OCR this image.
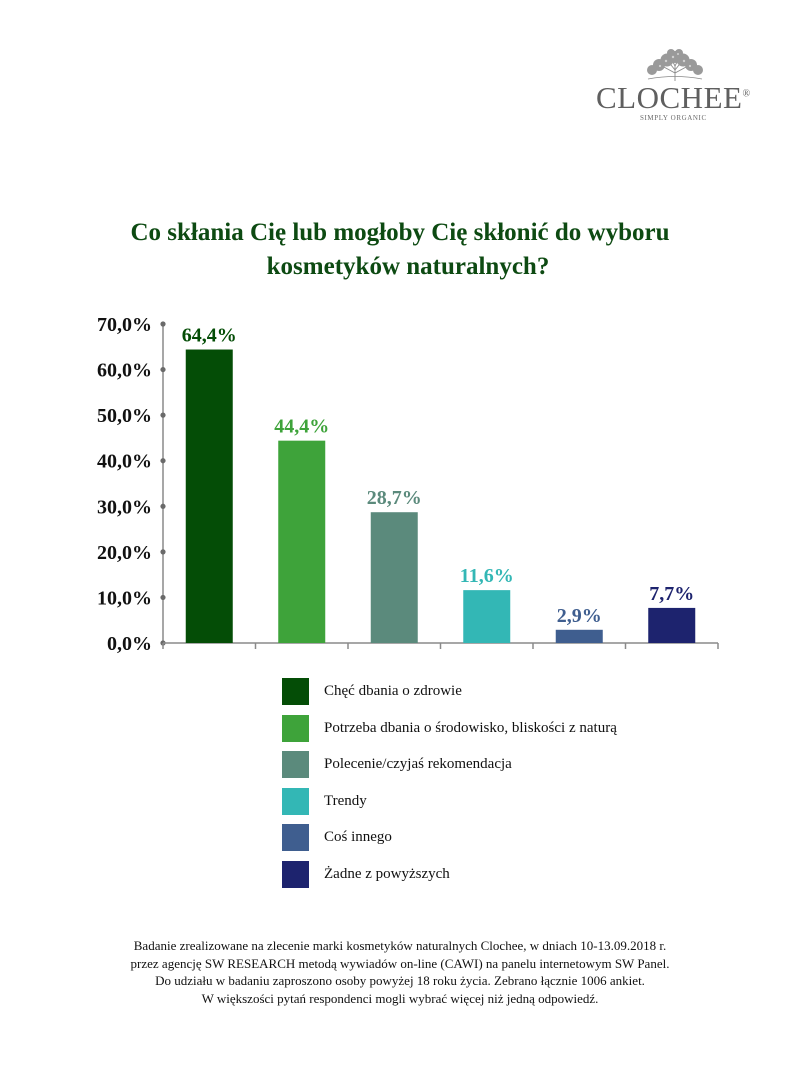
CLOCHEE®
SIMPLY ORGANIC
Co skłania Cię lub mogłoby Cię skłonić do wyboru
kosmetyków naturalnych?
0,0%
10,0%
20,0%
30,0%
40,0%
50,0%
60,0%
70,0% 64,4%
44,4%
28,7%
11,6%
2,9%
7,7%
Chęć dbania o zdrowie
Potrzeba dbania o środowisko, bliskości z naturą
Polecenie/czyjaś rekomendacja
Trendy
Coś innego
Żadne z powyższych
Badanie zrealizowane na zlecenie marki kosmetyków naturalnych Clochee, w dniach 10-13.09.2018 r.
przez agencję SW RESEARCH metodą wywiadów on-line (CAWI) na panelu internetowym SW Panel.
Do udziału w badaniu zaproszono osoby powyżej 18 roku życia. Zebrano łącznie 1006 ankiet.
W większości pytań respondenci mogli wybrać więcej niż jedną odpowiedź.
